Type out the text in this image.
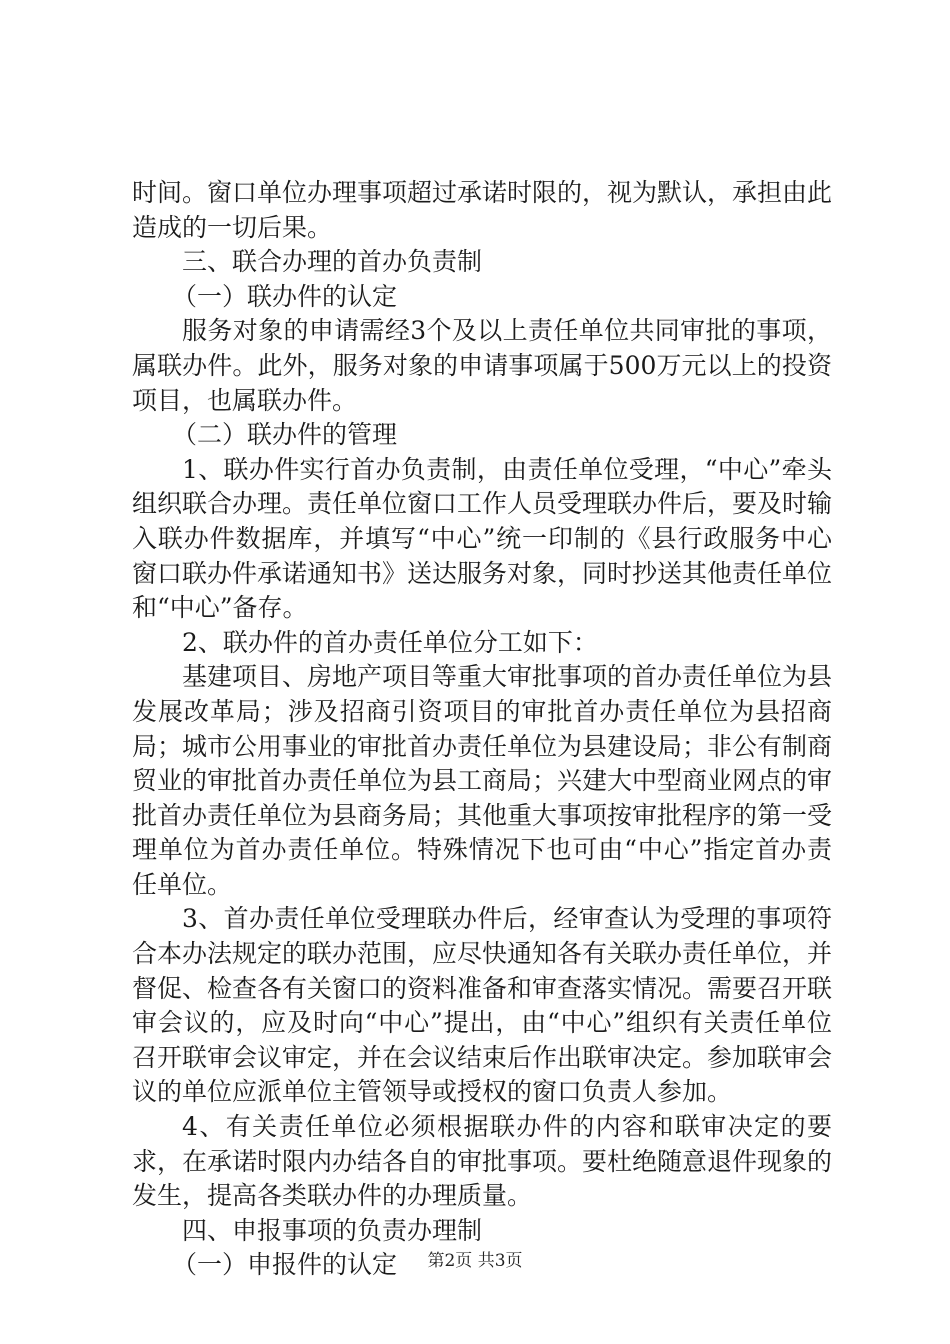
时间。窗口单位办理事项超过承诺时限的，视为默认，承担由此造成的一切后果。

三、联合办理的首办负责制

（一）联办件的认定

服务对象的申请需经3个及以上责任单位共同审批的事项，属联办件。此外，服务对象的申请事项属于500万元以上的投资项目，也属联办件。

（二）联办件的管理

1、联办件实行首办负责制，由责任单位受理，“中心”牵头组织联合办理。责任单位窗口工作人员受理联办件后，要及时输入联办件数据库，并填写“中心”统一印制的《县行政服务中心窗口联办件承诺通知书》送达服务对象，同时抄送其他责任单位和“中心”备存。

2、联办件的首办责任单位分工如下：

基建项目、房地产项目等重大审批事项的首办责任单位为县发展改革局；涉及招商引资项目的审批首办责任单位为县招商局；城市公用事业的审批首办责任单位为县建设局；非公有制商贸业的审批首办责任单位为县工商局；兴建大中型商业网点的审批首办责任单位为县商务局；其他重大事项按审批程序的第一受理单位为首办责任单位。特殊情况下也可由“中心”指定首办责任单位。

3、首办责任单位受理联办件后，经审查认为受理的事项符合本办法规定的联办范围，应尽快通知各有关联办责任单位，并督促、检查各有关窗口的资料准备和审查落实情况。需要召开联审会议的，应及时向“中心”提出，由“中心”组织有关责任单位召开联审会议审定，并在会议结束后作出联审决定。参加联审会议的单位应派单位主管领导或授权的窗口负责人参加。

4、有关责任单位必须根据联办件的内容和联审决定的要求，在承诺时限内办结各自的审批事项。要杜绝随意退件现象的发生，提高各类联办件的办理质量。

四、申报事项的负责办理制

（一）申报件的认定	第2页 共3页
